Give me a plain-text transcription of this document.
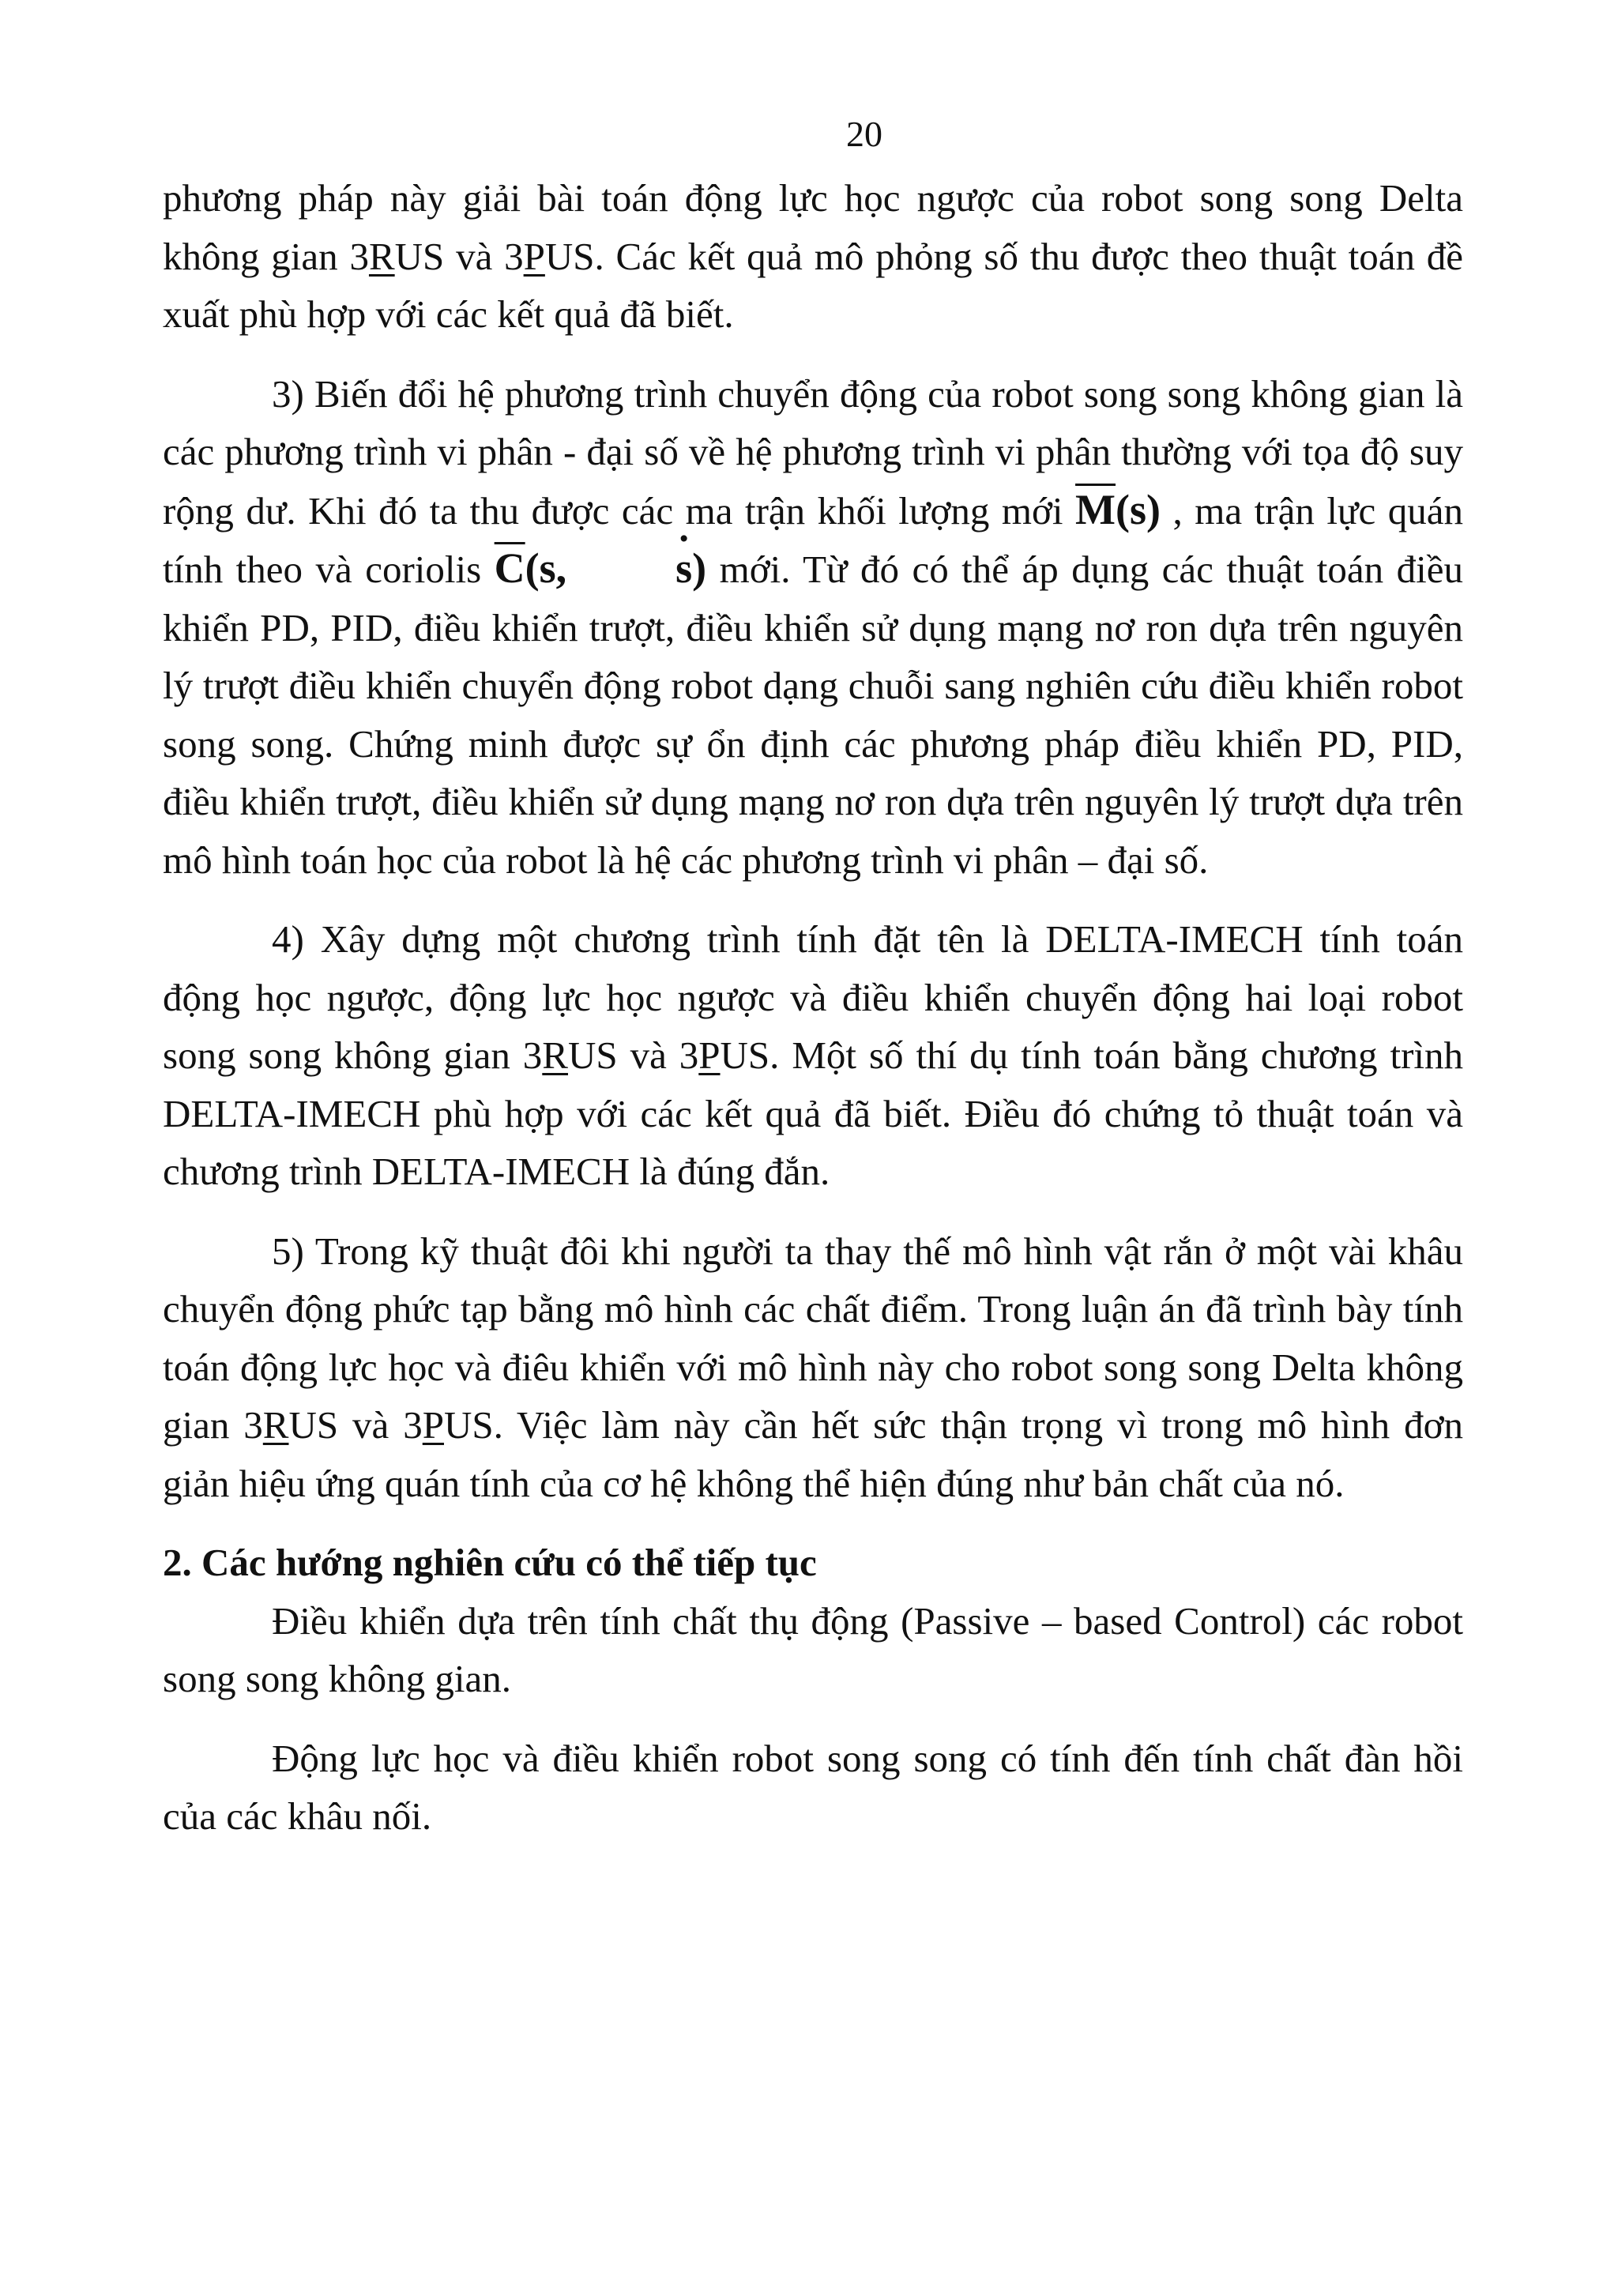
20

phương pháp này giải bài toán động lực học ngược của robot song song Delta không gian 3RUS và 3PUS. Các kết quả mô phỏng số thu được theo thuật toán đề xuất phù hợp với các kết quả đã biết.

3) Biến đổi hệ phương trình chuyển động của robot song song không gian là các phương trình vi phân - đại số về hệ phương trình vi phân thường với tọa độ suy rộng dư. Khi đó ta thu được các ma trận khối lượng mới $\overline{M}(s)$ , ma trận lực quán tính theo và coriolis $\overline{C}(s$,	s ˙) mới. Từ đó có thể áp dụng các thuật toán điều khiển PD, PID, điều khiển trượt, điều khiển sử dụng mạng nơ ron dựa trên nguyên lý trượt điều khiển chuyển động robot dạng chuỗi sang nghiên cứu điều khiển robot song song. Chứng minh được sự ổn định các phương pháp điều khiển PD, PID, điều khiển trượt, điều khiển sử dụng mạng nơ ron dựa trên nguyên lý trượt dựa trên mô hình toán học của robot là hệ các phương trình vi phân – đại số.

4) Xây dựng một chương trình tính đặt tên là DELTA-IMECH tính toán động học ngược, động lực học ngược và điều khiển chuyển động hai loại robot song song không gian 3RUS và 3PUS. Một số thí dụ tính toán bằng chương trình DELTA-IMECH phù hợp với các kết quả đã biết. Điều đó chứng tỏ thuật toán và chương trình DELTA-IMECH là đúng đắn.

5) Trong kỹ thuật đôi khi người ta thay thế mô hình vật rắn ở một vài khâu chuyển động phức tạp bằng mô hình các chất điểm. Trong luận án đã trình bày tính toán động lực học và điêu khiển với mô hình này cho robot song song Delta không gian 3RUS và 3PUS. Việc làm này cần hết sức thận trọng vì trong mô hình đơn giản hiệu ứng quán tính của cơ hệ không thể hiện đúng như bản chất của nó.

2. Các hướng nghiên cứu có thể tiếp tục

Điều khiển dựa trên tính chất thụ động (Passive – based Control) các robot song song không gian.

Động lực học và điều khiển robot song song có tính đến tính chất đàn hồi của các khâu nối.
